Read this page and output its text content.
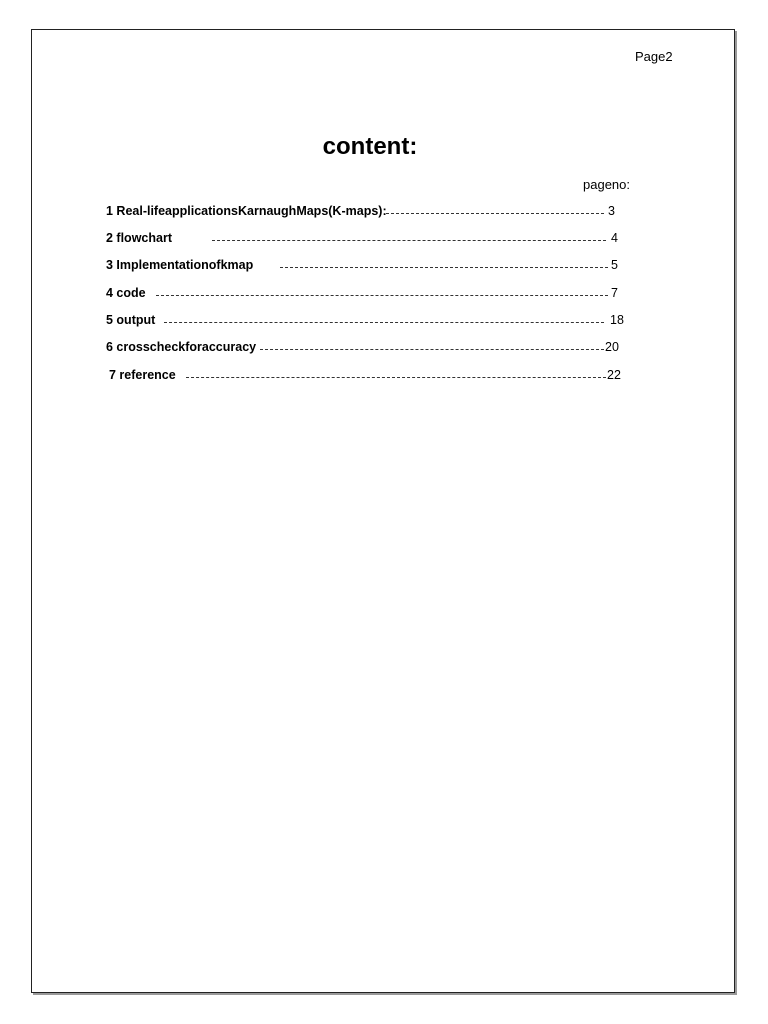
Page2
content:
pageno:
1 Real-lifeapplicationsKarnaughMaps(K-maps):	3
2 flowchart	4
3 Implementationofkmap	5
4 code	7
5 output	18
6 crosscheckforaccuracy	20
7 reference	22
